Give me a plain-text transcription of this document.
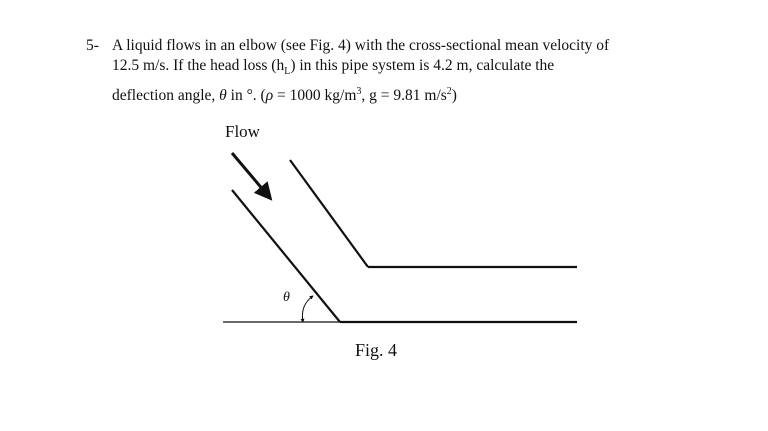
5- A liquid flows in an elbow (see Fig. 4) with the cross-sectional mean velocity of
12.5 m/s. If the head loss $(h_L)$ in this pipe system is 4.2 m, calculate the
deflection angle, θ in °. (ρ = 1000 $kg/m^3$, g = 9.81 $m/s^2$)
Flow
θ
Fig. 4
